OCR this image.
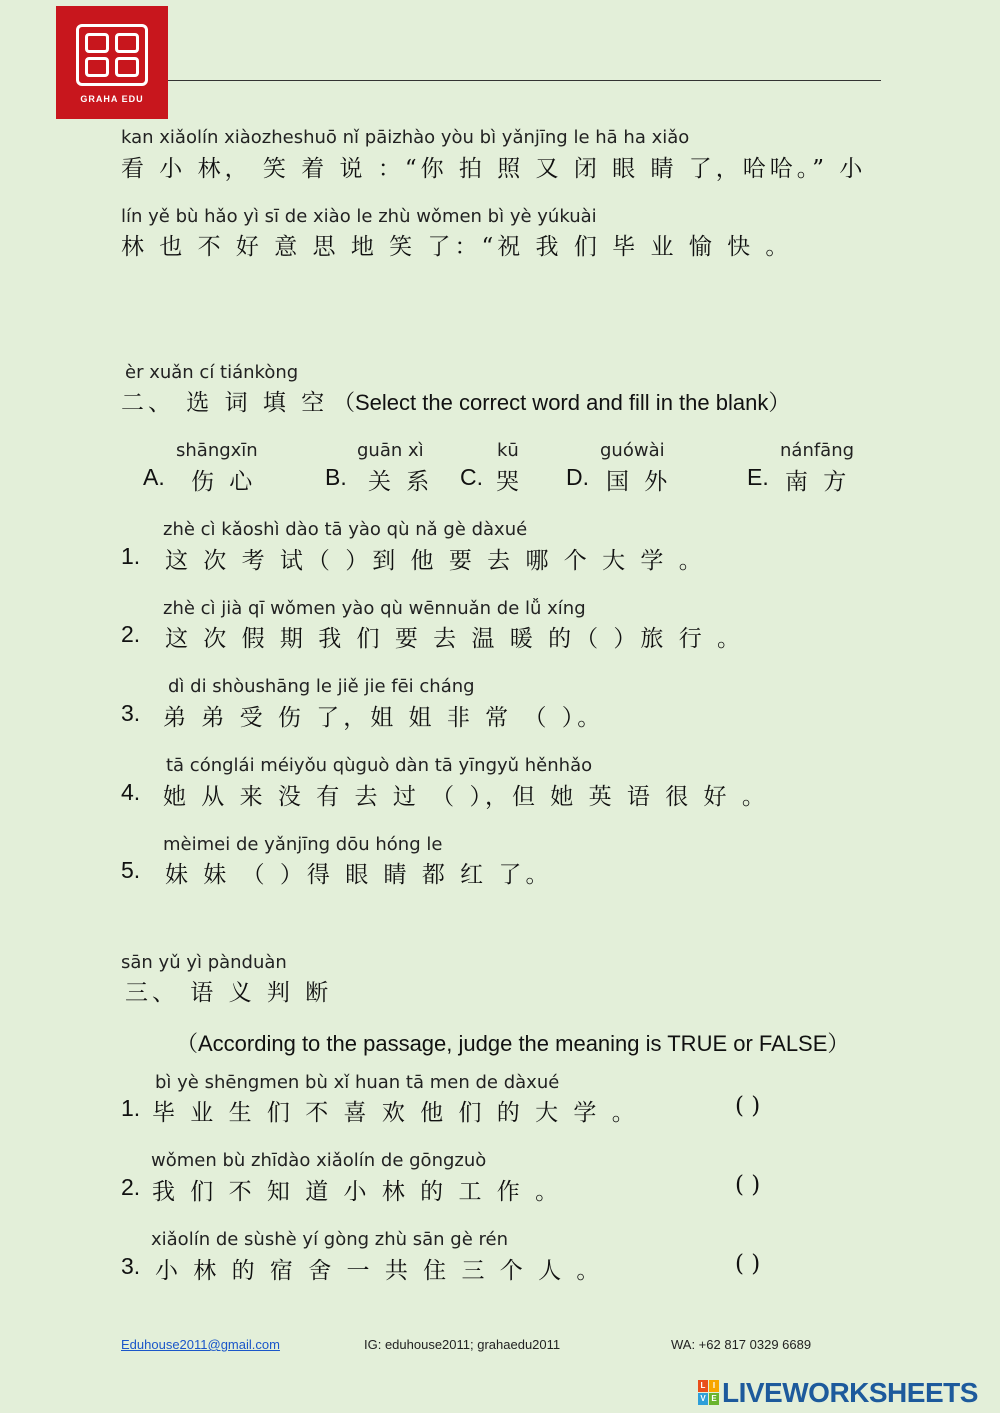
GRAHA EDU
kan xiǎolín xiàozheshuō nǐ pāizhào yòu bì yǎnjīng le hā ha xiǎo
看 小 林， 笑 着 说 ：“你 拍 照 又 闭 眼 睛 了，哈哈。” 小
lín yě bù hǎo yì sī de xiào le zhù wǒmen bì yè yúkuài
林 也 不 好 意 思 地 笑 了：“祝 我 们 毕 业 愉 快 。
èr xuǎn cí tiánkòng
二、 选 词 填 空 （Select the correct word and fill in the blank）
shāngxīn
A. 伤 心
guān xì
B. 关 系
kū
C. 哭
guówài
D. 国 外
nánfāng
E. 南 方
zhè cì kǎoshì dào tā yào qù nǎ gè dàxué
1. 这 次 考 试（ ）到 他 要 去 哪 个 大 学 。
zhè cì jià qī wǒmen yào qù wēnnuǎn de lǚ xíng
2. 这 次 假 期 我 们 要 去 温 暖 的（ ）旅 行 。
dì di shòushāng le jiě jie fēi cháng
3. 弟 弟 受 伤 了，姐 姐 非 常 （ ）。
tā cónglái méiyǒu qùguò dàn tā yīngyǔ hěnhǎo
4. 她 从 来 没 有 去 过 （ ），但 她 英 语 很 好 。
mèimei de yǎnjīng dōu hóng le
5. 妹 妹 （ ）得 眼 睛 都 红 了。
sān yǔ yì pànduàn
三、 语 义 判 断
（According to the passage, judge the meaning is TRUE or FALSE）
bì yè shēngmen bù xǐ huan tā men de dàxué
1. 毕 业 生 们 不 喜 欢 他 们 的 大 学 。	( )
wǒmen bù zhīdào xiǎolín de gōngzuò
2. 我 们 不 知 道 小 林 的 工 作 。	( )
xiǎolín de sùshè yí gòng zhù sān gè rén
3. 小 林 的 宿 舍 一 共 住 三 个 人 。	( )
Eduhouse2011@gmail.com	IG: eduhouse2011; grahaedu2011	WA: +62 817 0329 6689
L I
V E LIVEWORKSHEETS
